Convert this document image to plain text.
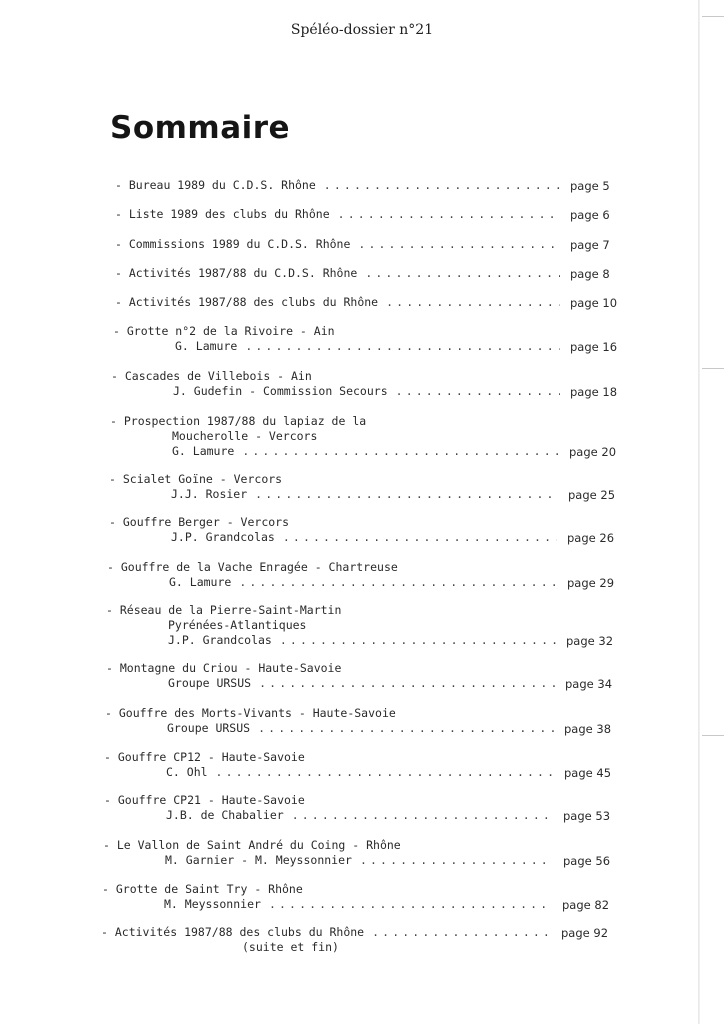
Spéléo-dossier n°21
Sommaire
- Bureau 1989 du C.D.S. Rhône . . .	page 5
- Liste 1989 des clubs du Rhône . . .	page 6
- Commissions 1989 du C.D.S. Rhône . . .	page 7
- Activités 1987/88 du C.D.S. Rhône . . .	page 8
- Activités 1987/88 des clubs du Rhône . . .	page 10
- Grotte n°2 de la Rivoire - Ain
G. Lamure . . .	page 16
- Cascades de Villebois - Ain
J. Gudefin - Commission Secours . . .	page 18
- Prospection 1987/88 du lapiaz de la
Moucherolle - Vercors
G. Lamure . . .	page 20
- Scialet Goïne - Vercors
J.J. Rosier . . .	page 25
- Gouffre Berger - Vercors
J.P. Grandcolas . . .	page 26
- Gouffre de la Vache Enragée - Chartreuse
G. Lamure . . .	page 29
- Réseau de la Pierre-Saint-Martin
Pyrénées-Atlantiques
J.P. Grandcolas . . .	page 32
- Montagne du Criou - Haute-Savoie
Groupe URSUS . . .	page 34
- Gouffre des Morts-Vivants - Haute-Savoie
Groupe URSUS . . .	page 38
- Gouffre CP12 - Haute-Savoie
C. Ohl . . .	page 45
- Gouffre CP21 - Haute-Savoie
J.B. de Chabalier . . .	page 53
- Le Vallon de Saint André du Coing - Rhône
M. Garnier - M. Meyssonnier . . .	page 56
- Grotte de Saint Try - Rhône
M. Meyssonnier . . .	page 82
- Activités 1987/88 des clubs du Rhône . . .	page 92
(suite et fin)
